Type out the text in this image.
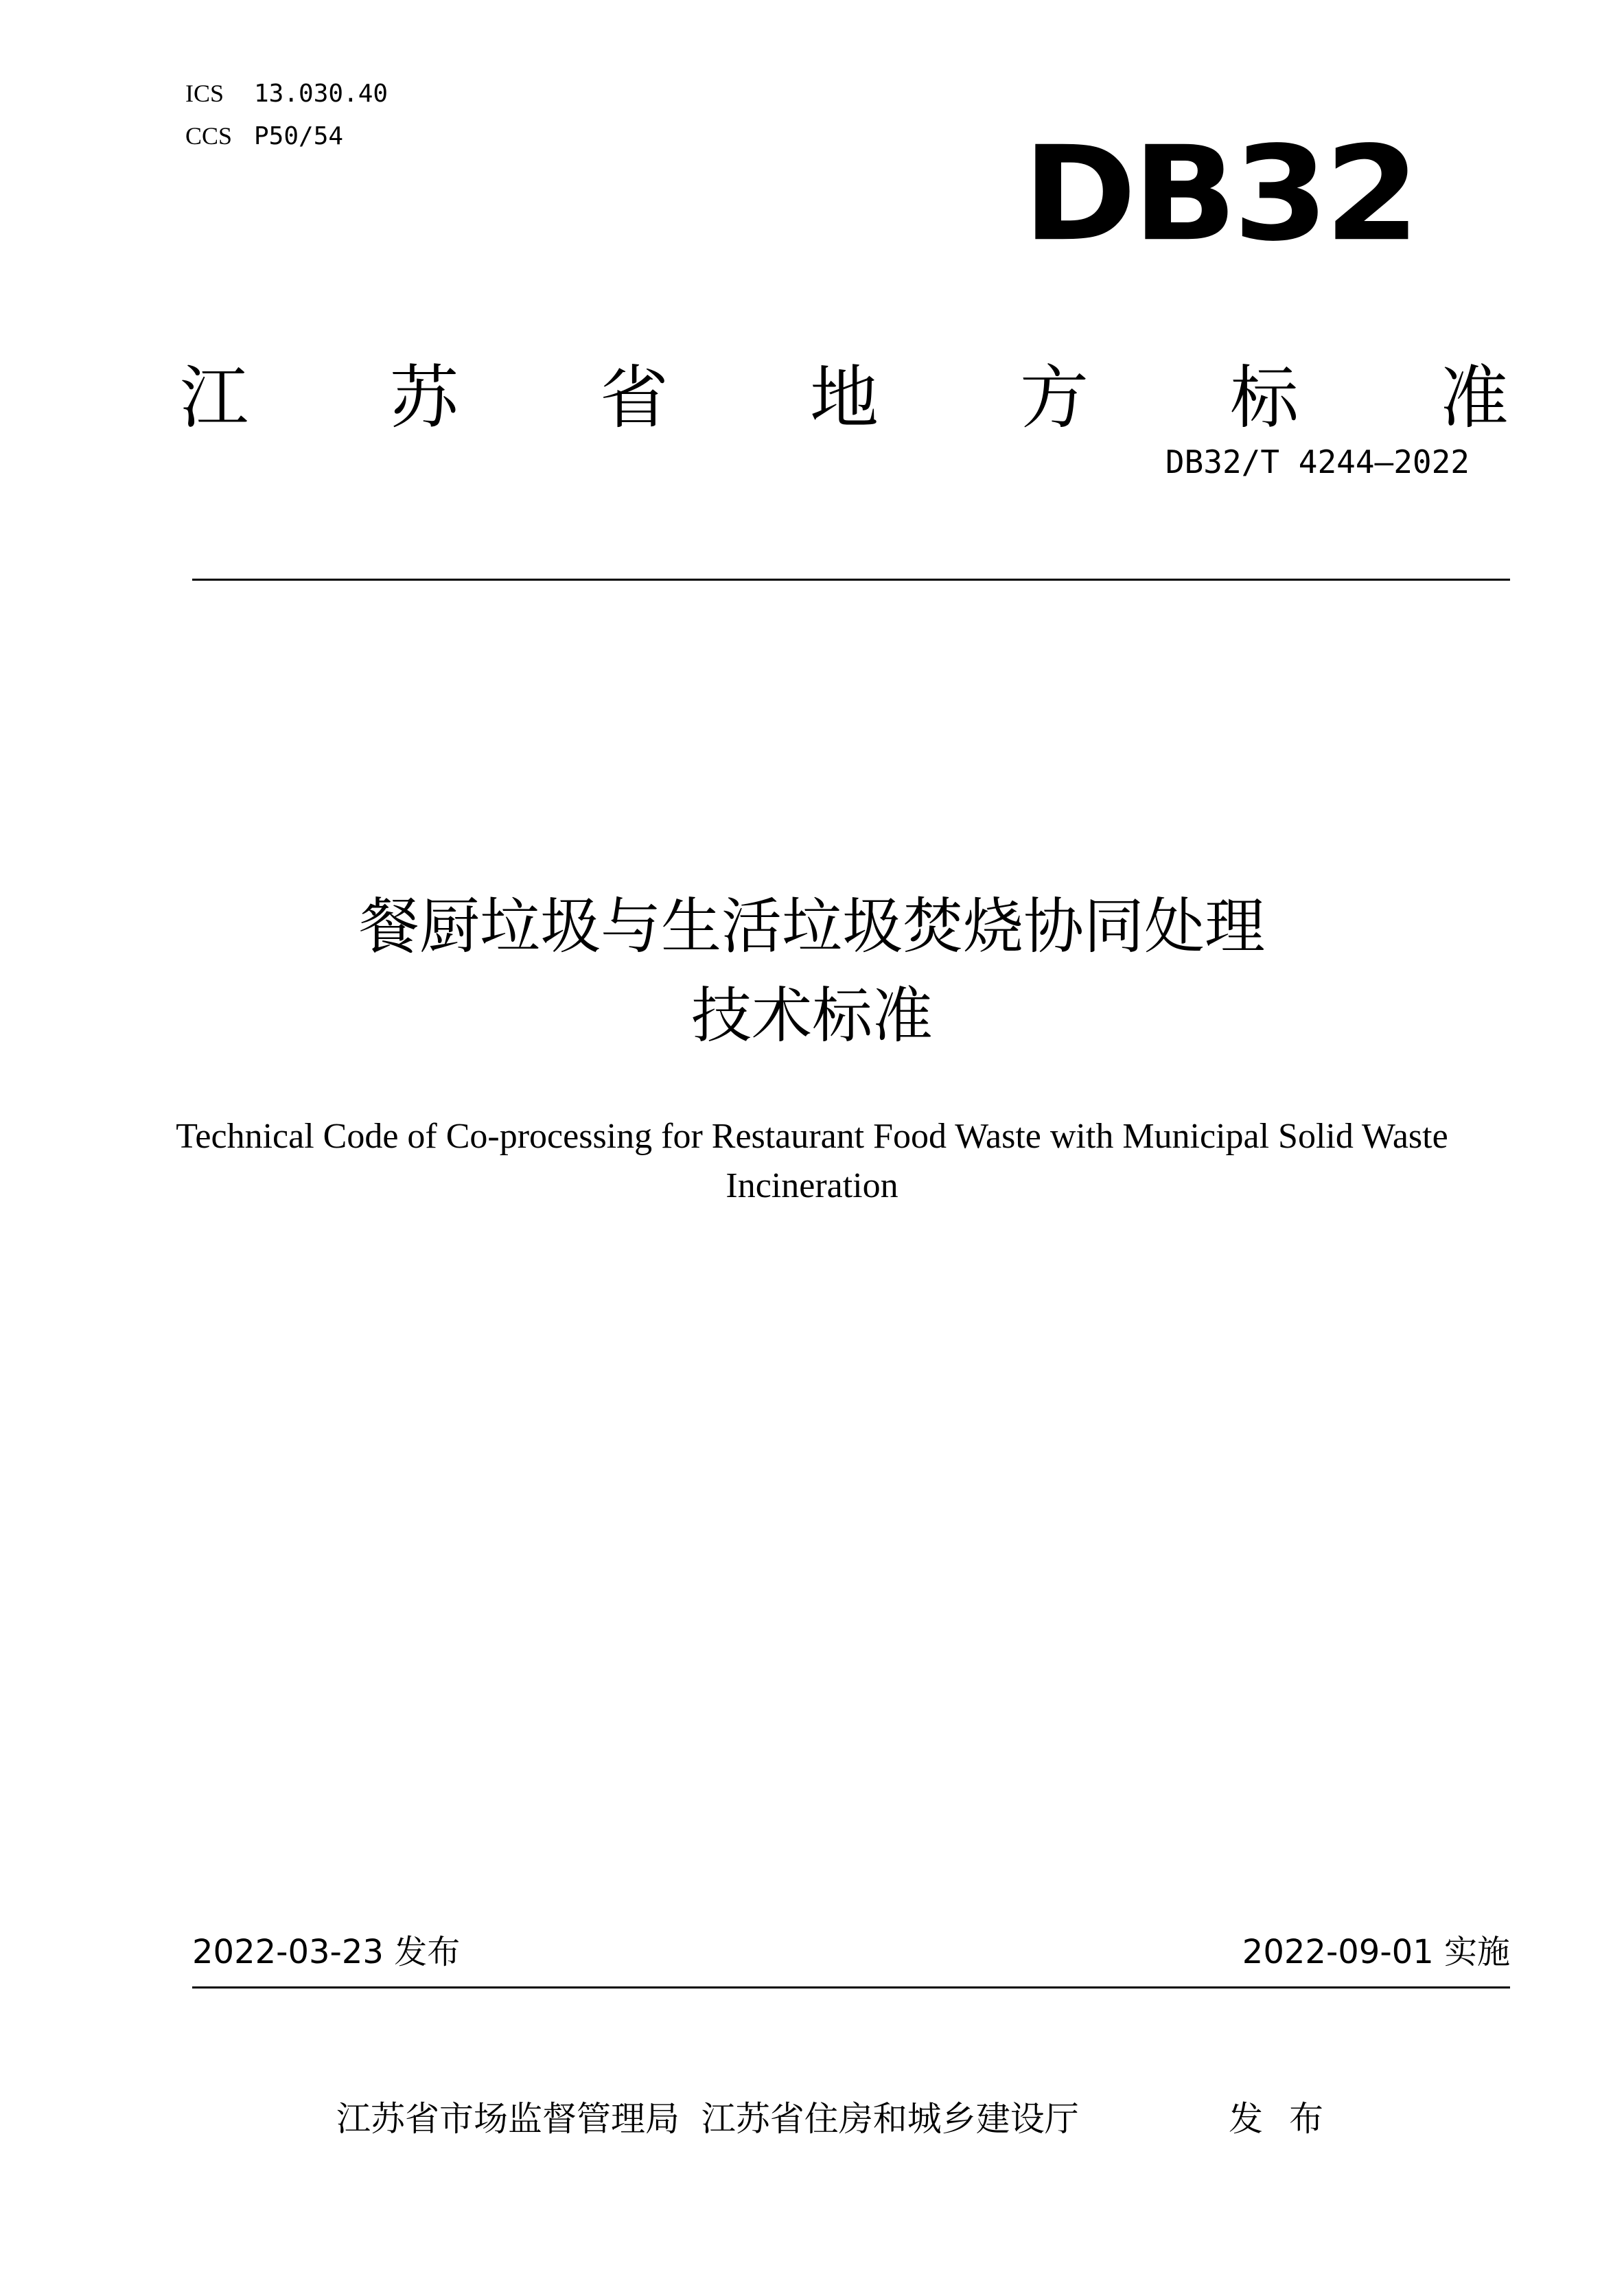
ICS 13.030.40
CCS P50/54	DB32
江 苏 省 地 方 标 准
DB32/T 4244—2022
餐厨垃圾与生活垃圾焚烧协同处理
技术标准
Technical Code of Co-processing for Restaurant Food Waste with Municipal Solid Waste Incineration
2022-03-23 发布	2022-09-01 实施
江苏省市场监督管理局  江苏省住房和城乡建设厅	发布
